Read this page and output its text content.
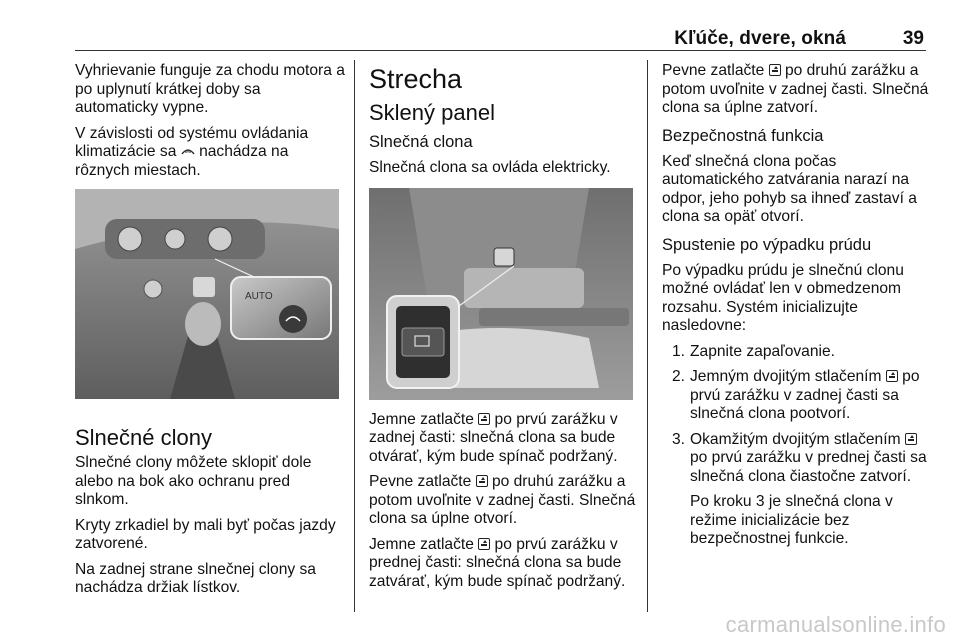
Kľúče, dvere, okná	39

Vyhrievanie funguje za chodu motora a po uplynutí krátkej doby sa automaticky vypne.

V závislosti od systému ovládania klimatizácie sa  nachádza na rôznych miestach.

AUTO
Slnečné clony

Slnečné clony môžete sklopiť dole alebo na bok ako ochranu pred slnkom.

Kryty zrkadiel by mali byť počas jazdy zatvorené.

Na zadnej strane slnečnej clony sa nachádza držiak lístkov.

Strecha
Sklený panel
Slnečná clona

Slnečná clona sa ovláda elektricky.

Jemne zatlačte  po prvú zarážku v zadnej časti: slnečná clona sa bude otvárať, kým bude spínač podržaný.

Pevne zatlačte  po druhú zarážku a potom uvoľnite v zadnej časti. Slnečná clona sa úplne otvorí.

Jemne zatlačte  po prvú zarážku v prednej časti: slnečná clona sa bude zatvárať, kým bude spínač podržaný.

Pevne zatlačte  po druhú zarážku a potom uvoľnite v zadnej časti. Slnečná clona sa úplne zatvorí.

Bezpečnostná funkcia

Keď slnečná clona počas automatického zatvárania narazí na odpor, jeho pohyb sa ihneď zastaví a clona sa opäť otvorí.

Spustenie po výpadku prúdu

Po výpadku prúdu je slnečnú clonu možné ovládať len v obmedzenom rozsahu. Systém inicializujte nasledovne:

1. Zapnite zapaľovanie.
2. Jemným dvojitým stlačením  po prvú zarážku v zadnej časti sa slnečná clona pootvorí.
3. Okamžitým dvojitým stlačením  po prvú zarážku v prednej časti sa slnečná clona čiastočne zatvorí.

Po kroku 3 je slnečná clona v režime inicializácie bez bezpečnostnej funkcie.

carmanualsonline.info
